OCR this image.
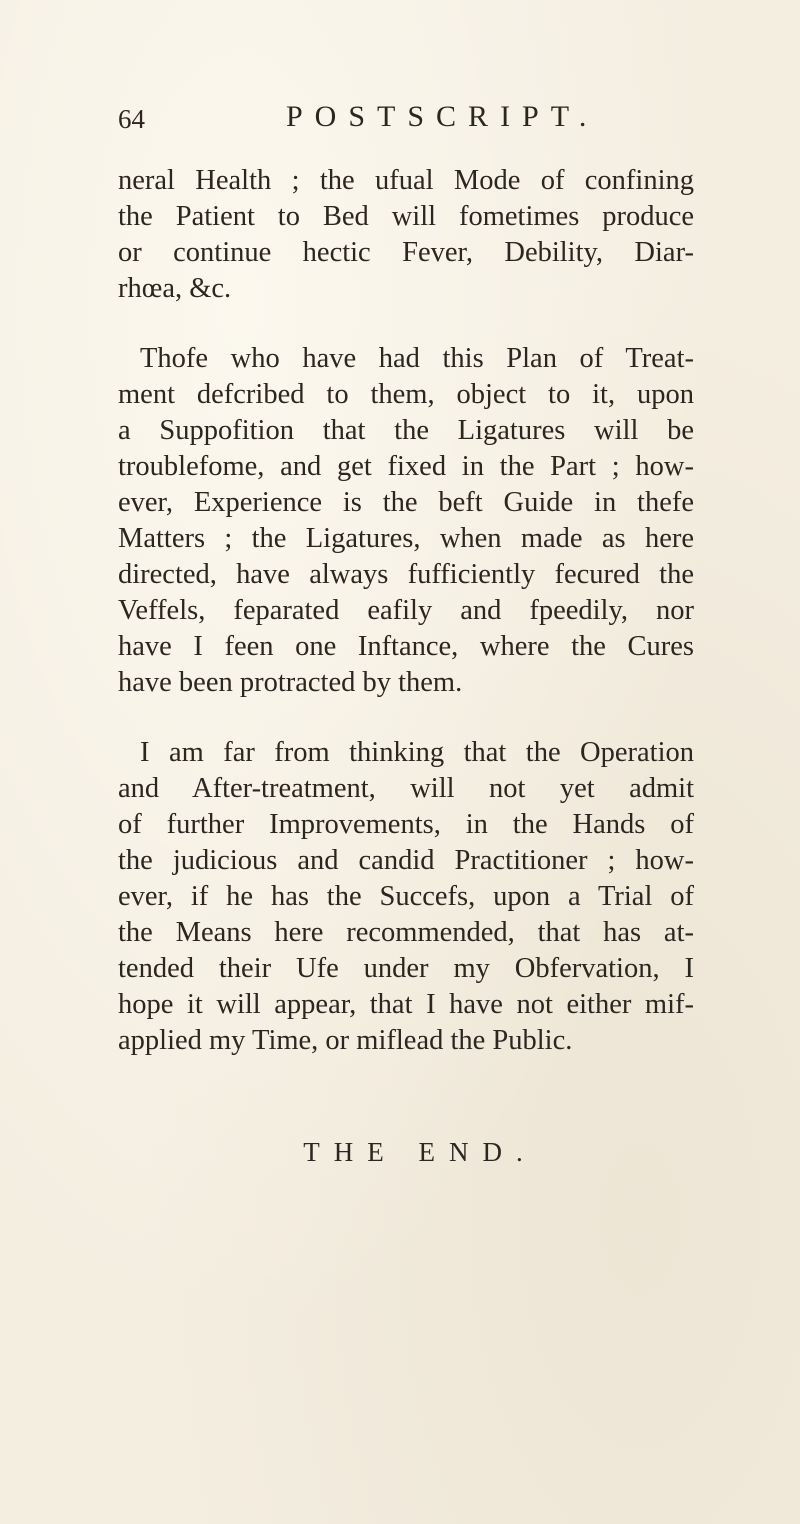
64	POSTSCRIPT.
neral Health ; the ufual Mode of confining
the Patient to Bed will fometimes produce
or continue hectic Fever, Debility, Diar-
rhœa, &c.
Thofe who have had this Plan of Treat-
ment defcribed to them, object to it, upon
a Suppofition that the Ligatures will be
troublefome, and get fixed in the Part ; how-
ever, Experience is the beft Guide in thefe
Matters ; the Ligatures, when made as here
directed, have always fufficiently fecured the
Veffels, feparated eafily and fpeedily, nor
have I feen one Inftance, where the Cures
have been protracted by them.
I am far from thinking that the Operation
and After-treatment, will not yet admit
of further Improvements, in the Hands of
the judicious and candid Practitioner ; how-
ever, if he has the Succefs, upon a Trial of
the Means here recommended, that has at-
tended their Ufe under my Obfervation, I
hope it will appear, that I have not either mif-
applied my Time, or miflead the Public.
THE END.
